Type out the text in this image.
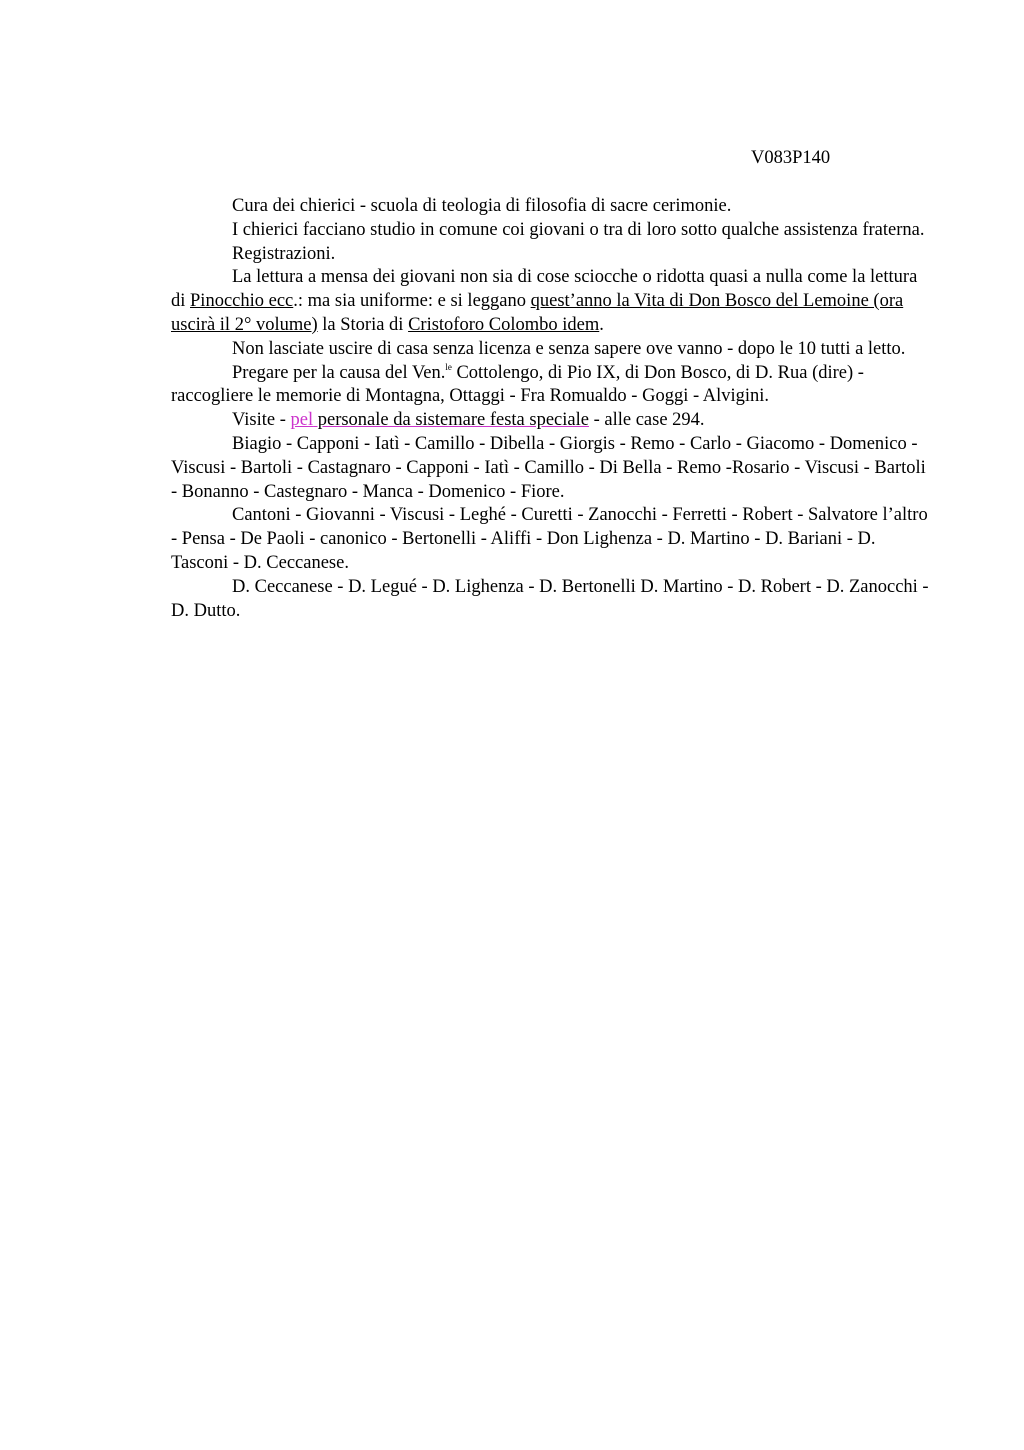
V083P140

Cura dei chierici - scuola di teologia di filosofia di sacre cerimonie.

I chierici facciano studio in comune coi giovani o tra di loro sotto qualche assistenza fraterna.

Registrazioni.

La lettura a mensa dei giovani non sia di cose sciocche o ridotta quasi a nulla come la lettura di Pinocchio ecc.: ma sia uniforme: e si leggano quest’anno la Vita di Don Bosco del Lemoine (ora uscirà il 2° volume) la Storia di Cristoforo Colombo idem.

Non lasciate uscire di casa senza licenza e senza sapere ove vanno - dopo le 10 tutti a letto.

Pregare per la causa del Ven.$^{le}$ Cottolengo, di Pio IX, di Don Bosco, di D. Rua (dire) - raccogliere le memorie di Montagna, Ottaggi - Fra Romualdo - Goggi - Alvigini.

Visite - pel personale da sistemare festa speciale - alle case 294.

Biagio - Capponi - Iatì - Camillo - Dibella - Giorgis - Remo - Carlo - Giacomo - Domenico - Viscusi - Bartoli - Castagnaro - Capponi - Iatì - Camillo - Di Bella - Remo -Rosario - Viscusi - Bartoli - Bonanno - Castegnaro - Manca - Domenico - Fiore.

Cantoni - Giovanni - Viscusi - Leghé - Curetti - Zanocchi - Ferretti - Robert - Salvatore l’altro - Pensa - De Paoli - canonico - Bertonelli - Aliffi - Don Lighenza - D. Martino - D. Bariani - D. Tasconi - D. Ceccanese.

D. Ceccanese - D. Legué - D. Lighenza - D. Bertonelli D. Martino - D. Robert - D. Zanocchi - D. Dutto.
